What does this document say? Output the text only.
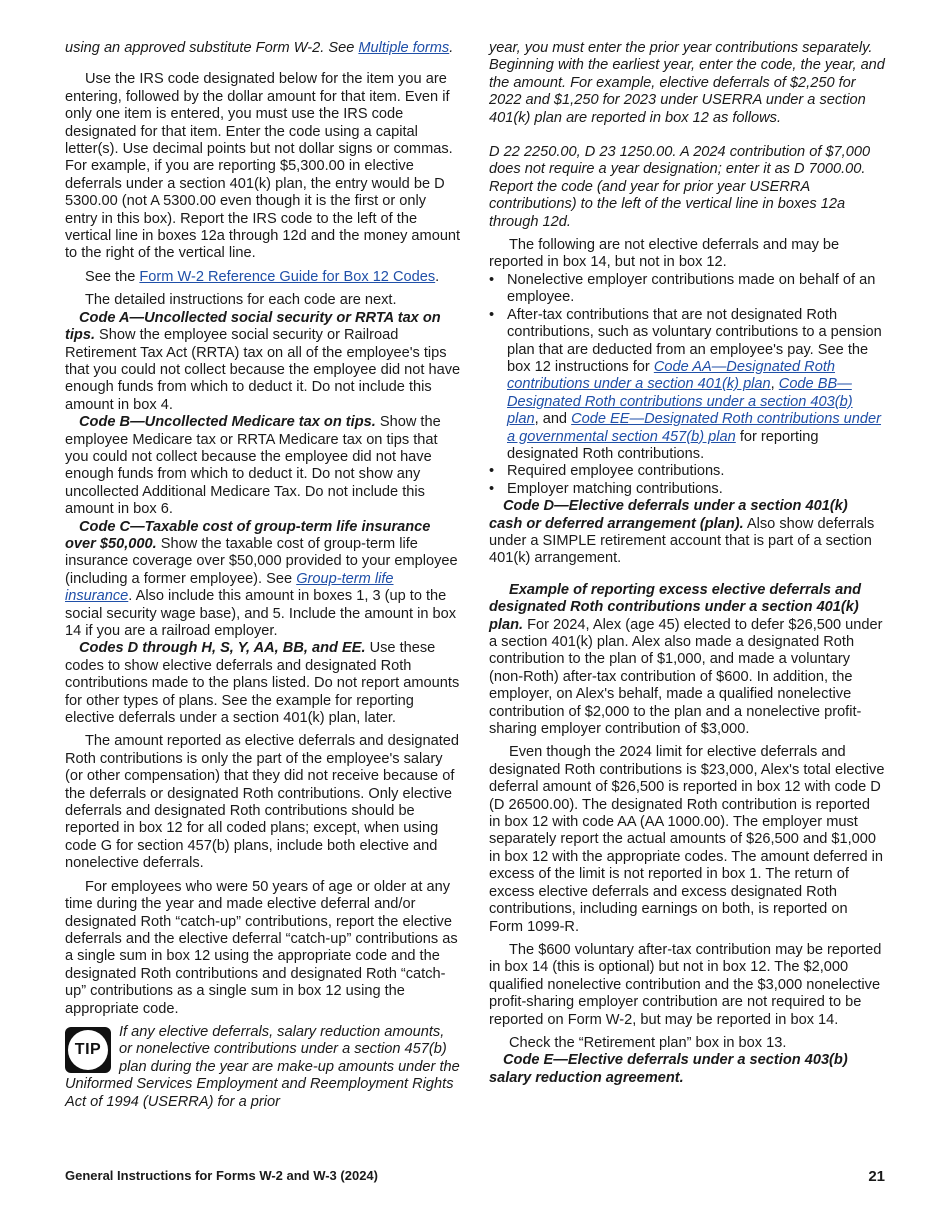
using an approved substitute Form W-2. See Multiple forms.

Use the IRS code designated below for the item you are entering, followed by the dollar amount for that item. Even if only one item is entered, you must use the IRS code designated for that item. Enter the code using a capital letter(s). Use decimal points but not dollar signs or commas. For example, if you are reporting $5,300.00 in elective deferrals under a section 401(k) plan, the entry would be D 5300.00 (not A 5300.00 even though it is the first or only entry in this box). Report the IRS code to the left of the vertical line in boxes 12a through 12d and the money amount to the right of the vertical line.

See the Form W-2 Reference Guide for Box 12 Codes.

The detailed instructions for each code are next.

Code A—Uncollected social security or RRTA tax on tips. Show the employee social security or Railroad Retirement Tax Act (RRTA) tax on all of the employee's tips that you could not collect because the employee did not have enough funds from which to deduct it. Do not include this amount in box 4.

Code B—Uncollected Medicare tax on tips. Show the employee Medicare tax or RRTA Medicare tax on tips that you could not collect because the employee did not have enough funds from which to deduct it. Do not show any uncollected Additional Medicare Tax. Do not include this amount in box 6.

Code C—Taxable cost of group-term life insurance over $50,000. Show the taxable cost of group-term life insurance coverage over $50,000 provided to your employee (including a former employee). See Group-term life insurance. Also include this amount in boxes 1, 3 (up to the social security wage base), and 5. Include the amount in box 14 if you are a railroad employer.

Codes D through H, S, Y, AA, BB, and EE. Use these codes to show elective deferrals and designated Roth contributions made to the plans listed. Do not report amounts for other types of plans. See the example for reporting elective deferrals under a section 401(k) plan, later.

The amount reported as elective deferrals and designated Roth contributions is only the part of the employee's salary (or other compensation) that they did not receive because of the deferrals or designated Roth contributions. Only elective deferrals and designated Roth contributions should be reported in box 12 for all coded plans; except, when using code G for section 457(b) plans, include both elective and nonelective deferrals.

For employees who were 50 years of age or older at any time during the year and made elective deferral and/or designated Roth “catch-up” contributions, report the elective deferrals and the elective deferral “catch-up” contributions as a single sum in box 12 using the appropriate code and the designated Roth contributions and designated Roth “catch-up” contributions as a single sum in box 12 using the appropriate code.

TIP
If any elective deferrals, salary reduction amounts, or nonelective contributions under a section 457(b) plan during the year are make-up amounts under the Uniformed Services Employment and Reemployment Rights Act of 1994 (USERRA) for a prior

year, you must enter the prior year contributions separately. Beginning with the earliest year, enter the code, the year, and the amount. For example, elective deferrals of $2,250 for 2022 and $1,250 for 2023 under USERRA under a section 401(k) plan are reported in box 12 as follows.

D 22 2250.00, D 23 1250.00. A 2024 contribution of $7,000 does not require a year designation; enter it as D 7000.00. Report the code (and year for prior year USERRA contributions) to the left of the vertical line in boxes 12a through 12d.

The following are not elective deferrals and may be reported in box 14, but not in box 12.

• Nonelective employer contributions made on behalf of an employee.

• After-tax contributions that are not designated Roth contributions, such as voluntary contributions to a pension plan that are deducted from an employee's pay. See the box 12 instructions for Code AA—Designated Roth contributions under a section 401(k) plan, Code BB—Designated Roth contributions under a section 403(b) plan, and Code EE—Designated Roth contributions under a governmental section 457(b) plan for reporting designated Roth contributions.

• Required employee contributions.

• Employer matching contributions.

Code D—Elective deferrals under a section 401(k) cash or deferred arrangement (plan). Also show deferrals under a SIMPLE retirement account that is part of a section 401(k) arrangement.

Example of reporting excess elective deferrals and designated Roth contributions under a section 401(k) plan. For 2024, Alex (age 45) elected to defer $26,500 under a section 401(k) plan. Alex also made a designated Roth contribution to the plan of $1,000, and made a voluntary (non-Roth) after-tax contribution of $600. In addition, the employer, on Alex's behalf, made a qualified nonelective contribution of $2,000 to the plan and a nonelective profit-sharing employer contribution of $3,000.

Even though the 2024 limit for elective deferrals and designated Roth contributions is $23,000, Alex's total elective deferral amount of $26,500 is reported in box 12 with code D (D 26500.00). The designated Roth contribution is reported in box 12 with code AA (AA 1000.00). The employer must separately report the actual amounts of $26,500 and $1,000 in box 12 with the appropriate codes. The amount deferred in excess of the limit is not reported in box 1. The return of excess elective deferrals and excess designated Roth contributions, including earnings on both, is reported on Form 1099-R.

The $600 voluntary after-tax contribution may be reported in box 14 (this is optional) but not in box 12. The $2,000 qualified nonelective contribution and the $3,000 nonelective profit-sharing employer contribution are not required to be reported on Form W-2, but may be reported in box 14.

Check the “Retirement plan” box in box 13.

Code E—Elective deferrals under a section 403(b) salary reduction agreement.

General Instructions for Forms W-2 and W-3 (2024)	21
